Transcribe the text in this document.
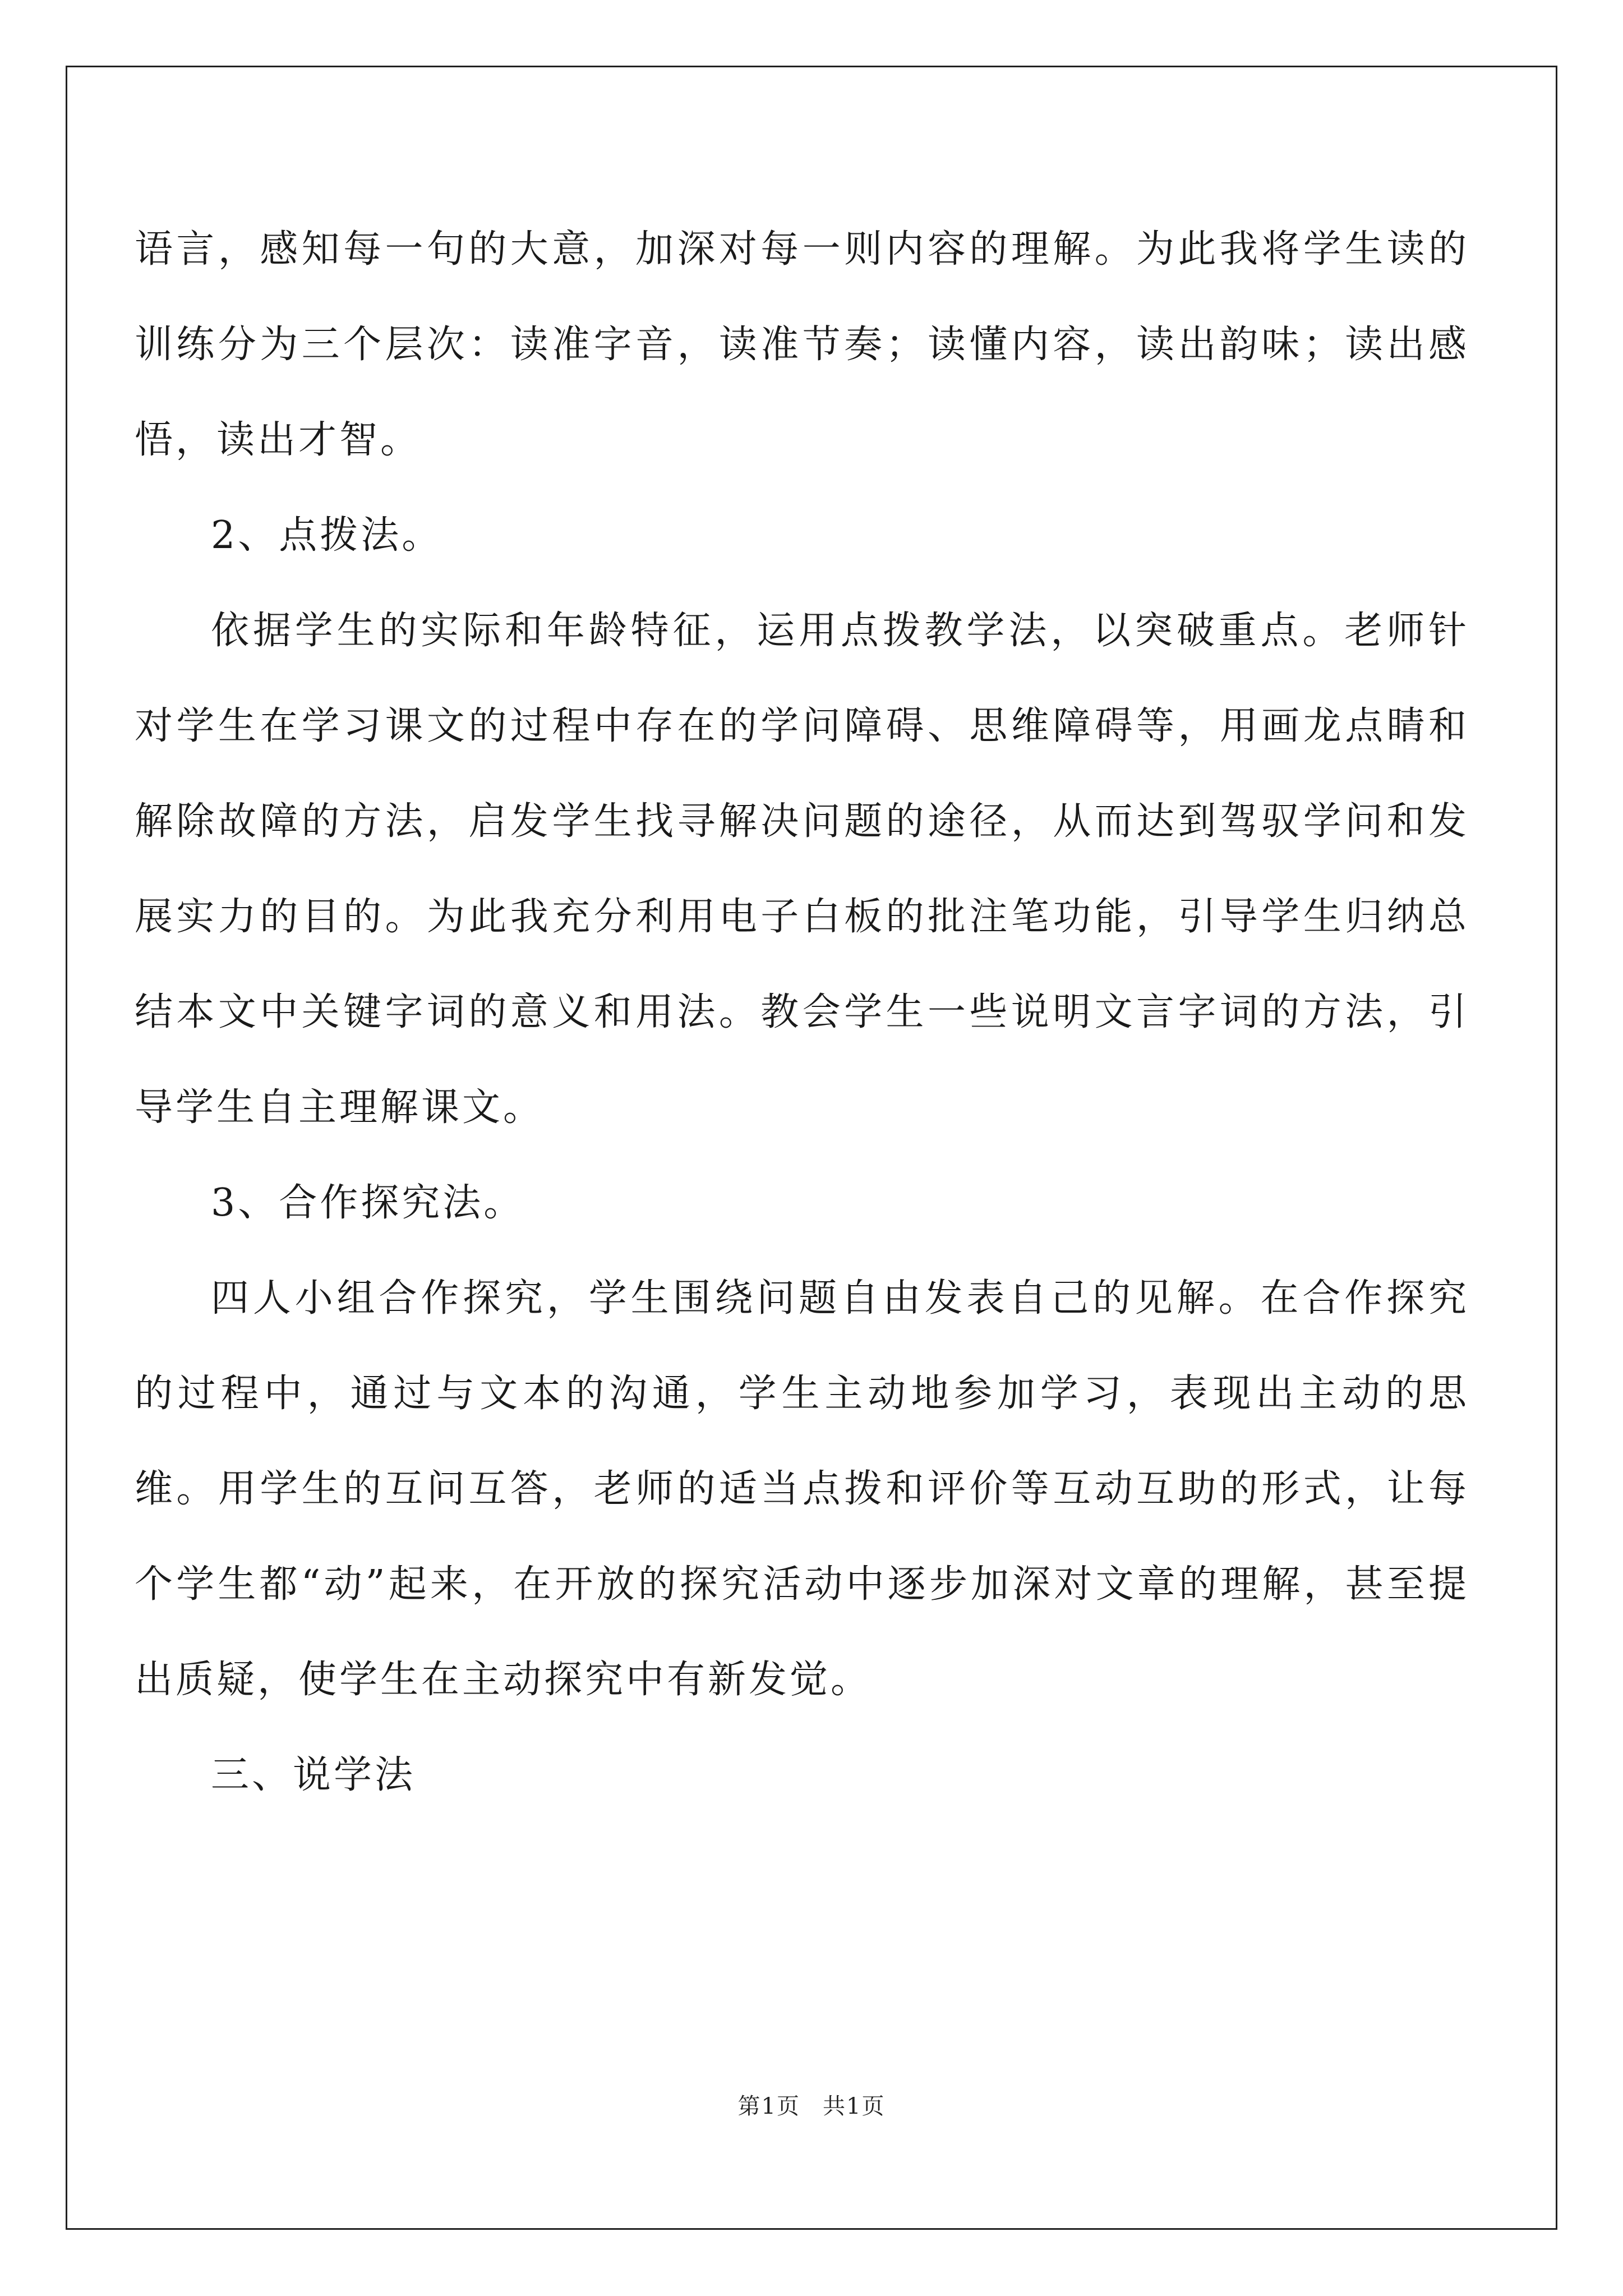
语言，感知每一句的大意，加深对每一则内容的理解。为此我将学生读的训练分为三个层次：读准字音，读准节奏；读懂内容，读出韵味；读出感悟，读出才智。

2、点拨法。

依据学生的实际和年龄特征，运用点拨教学法，以突破重点。老师针对学生在学习课文的过程中存在的学问障碍、思维障碍等，用画龙点睛和解除故障的方法，启发学生找寻解决问题的途径，从而达到驾驭学问和发展实力的目的。为此我充分利用电子白板的批注笔功能，引导学生归纳总结本文中关键字词的意义和用法。教会学生一些说明文言字词的方法，引导学生自主理解课文。

3、合作探究法。

四人小组合作探究，学生围绕问题自由发表自己的见解。在合作探究的过程中，通过与文本的沟通，学生主动地参加学习，表现出主动的思维。用学生的互问互答，老师的适当点拨和评价等互动互助的形式，让每个学生都“动”起来，在开放的探究活动中逐步加深对文章的理解，甚至提出质疑，使学生在主动探究中有新发觉。

三、说学法

第1页 共1页
